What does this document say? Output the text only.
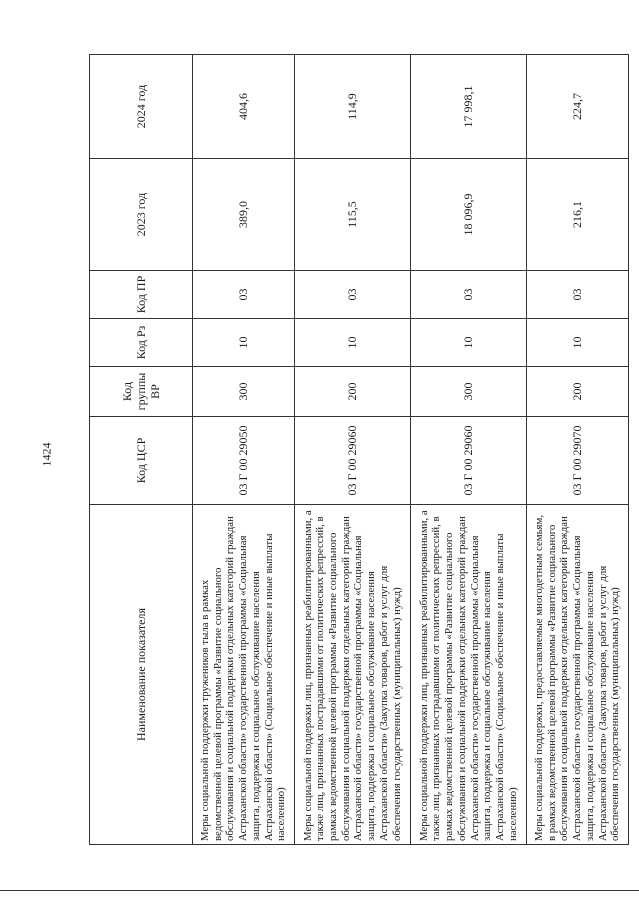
1424
Наименование показателя	Код ЦСР	Код группы ВР	Код Рз	Код ПР	2023 год	2024 год
Меры социальной поддержки тружеников тыла в рамках ведомственной целевой программы «Развитие социального обслуживания и социальной поддержки отдельных категорий граждан Астраханской области» государственной программы «Социальная защита, поддержка и социальное обслуживание населения Астраханской области» (Социальное обеспечение и иные выплаты населению)	03 Г 00 29050	300	10	03	389,0	404,6
Меры социальной поддержки лиц, признанных реабилитированными, а также лиц, признанных пострадавшими от политических репрессий, в рамках ведомственной целевой программы «Развитие социального обслуживания и социальной поддержки отдельных категорий граждан Астраханской области» государственной программы «Социальная защита, поддержка и социальное обслуживание населения Астраханской области» (Закупка товаров, работ и услуг для обеспечения государственных (муниципальных) нужд)	03 Г 00 29060	200	10	03	115,5	114,9
Меры социальной поддержки лиц, признанных реабилитированными, а также лиц, признанных пострадавшими от политических репрессий, в рамках ведомственной целевой программы «Развитие социального обслуживания и социальной поддержки отдельных категорий граждан Астраханской области» государственной программы «Социальная защита, поддержка и социальное обслуживание населения Астраханской области» (Социальное обеспечение и иные выплаты населению)	03 Г 00 29060	300	10	03	18 096,9	17 998,1
Меры социальной поддержки, предоставляемые многодетным семьям, в рамках ведомственной целевой программы «Развитие социального обслуживания и социальной поддержки отдельных категорий граждан Астраханской области» государственной программы «Социальная защита, поддержка и социальное обслуживание населения Астраханской области» (Закупка товаров, работ и услуг для обеспечения государственных (муниципальных) нужд)	03 Г 00 29070	200	10	03	216,1	224,7
